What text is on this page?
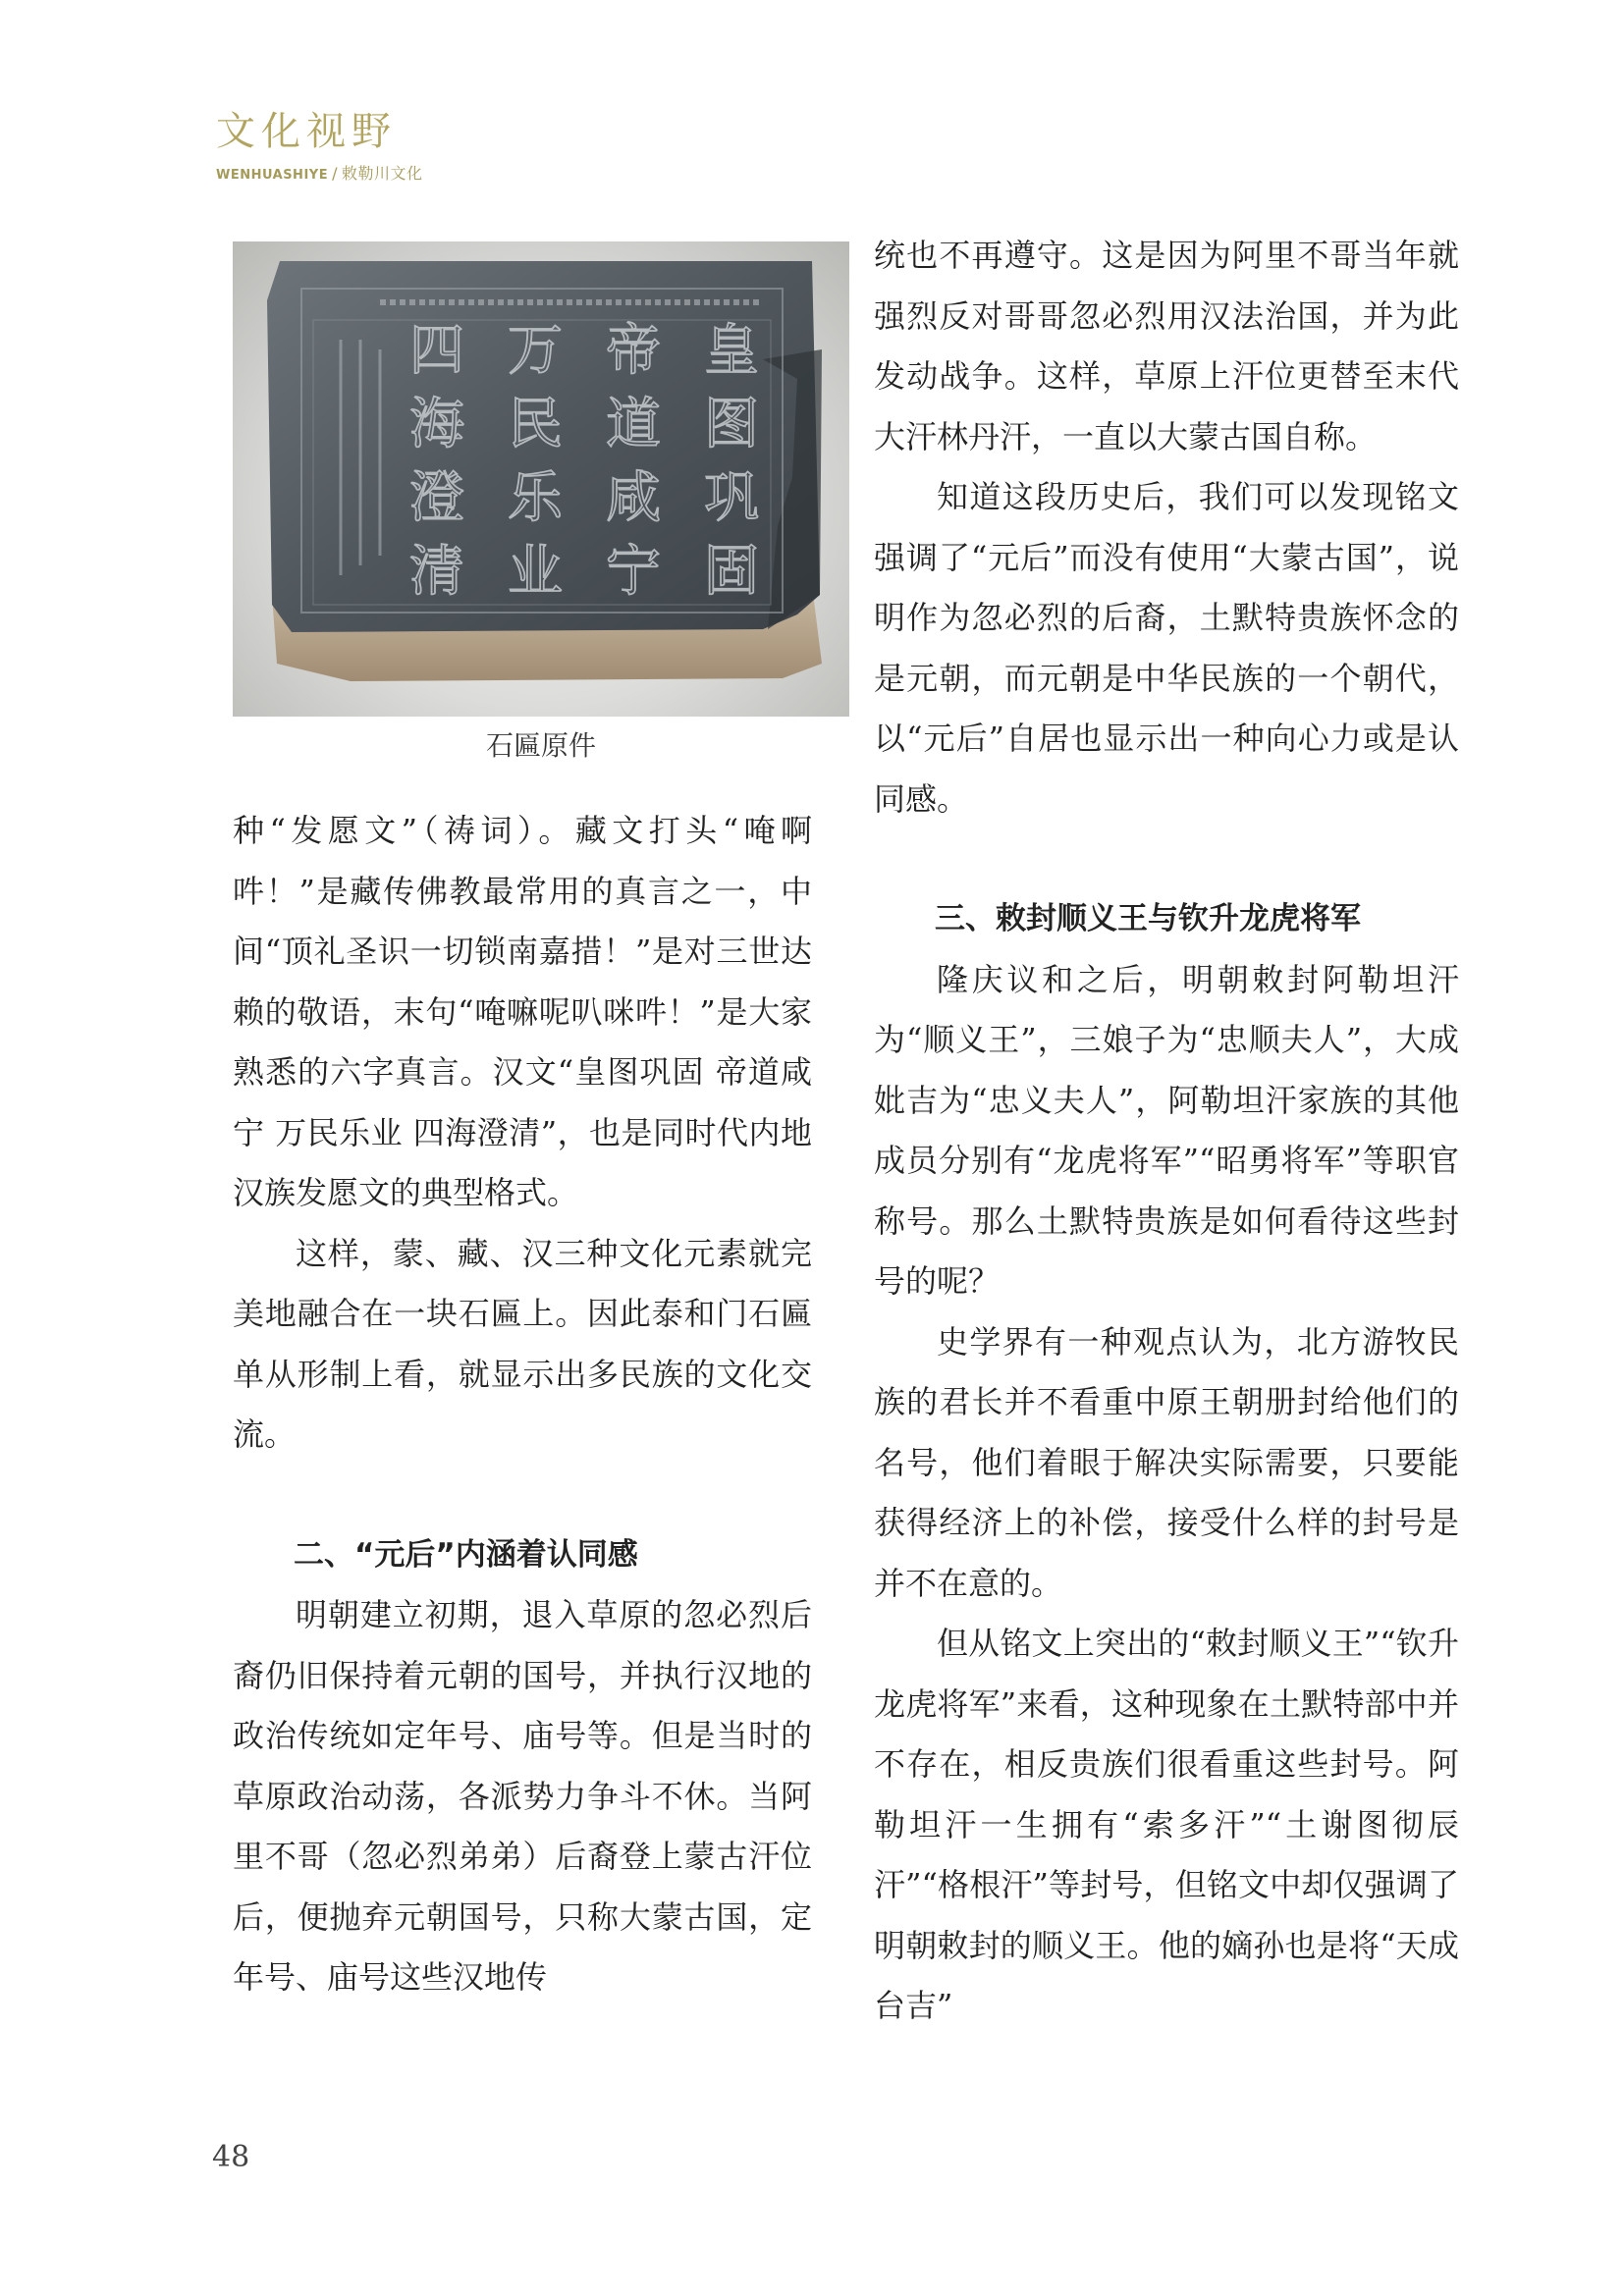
文化视野
WENHUASHIYE / 敕勒川文化
皇
图
巩
固
帝
道
咸
宁
万
民
乐
业
四
海
澄
清
石匾原件

种“发愿文”（祷词）。藏文打头“唵啊吽！”是藏传佛教最常用的真言之一，中间“顶礼圣识一切锁南嘉措！”是对三世达赖的敬语，末句“唵嘛呢叭咪吽！”是大家熟悉的六字真言。汉文“皇图巩固 帝道咸宁 万民乐业 四海澄清”，也是同时代内地汉族发愿文的典型格式。

这样，蒙、藏、汉三种文化元素就完美地融合在一块石匾上。因此泰和门石匾单从形制上看，就显示出多民族的文化交流。

二、“元后”内涵着认同感

明朝建立初期，退入草原的忽必烈后裔仍旧保持着元朝的国号，并执行汉地的政治传统如定年号、庙号等。但是当时的草原政治动荡，各派势力争斗不休。当阿里不哥（忽必烈弟弟）后裔登上蒙古汗位后，便抛弃元朝国号，只称大蒙古国，定年号、庙号这些汉地传

统也不再遵守。这是因为阿里不哥当年就强烈反对哥哥忽必烈用汉法治国，并为此发动战争。这样，草原上汗位更替至末代大汗林丹汗，一直以大蒙古国自称。

知道这段历史后，我们可以发现铭文强调了“元后”而没有使用“大蒙古国”，说明作为忽必烈的后裔，土默特贵族怀念的是元朝，而元朝是中华民族的一个朝代，以“元后”自居也显示出一种向心力或是认同感。

三、敕封顺义王与钦升龙虎将军

隆庆议和之后，明朝敕封阿勒坦汗为“顺义王”，三娘子为“忠顺夫人”，大成妣吉为“忠义夫人”，阿勒坦汗家族的其他成员分别有“龙虎将军”“昭勇将军”等职官称号。那么土默特贵族是如何看待这些封号的呢？

史学界有一种观点认为，北方游牧民族的君长并不看重中原王朝册封给他们的名号，他们着眼于解决实际需要，只要能获得经济上的补偿，接受什么样的封号是并不在意的。

但从铭文上突出的“敕封顺义王”“钦升龙虎将军”来看，这种现象在土默特部中并不存在，相反贵族们很看重这些封号。阿勒坦汗一生拥有“索多汗”“土谢图彻辰汗”“格根汗”等封号，但铭文中却仅强调了明朝敕封的顺义王。他的嫡孙也是将“天成台吉”

48
